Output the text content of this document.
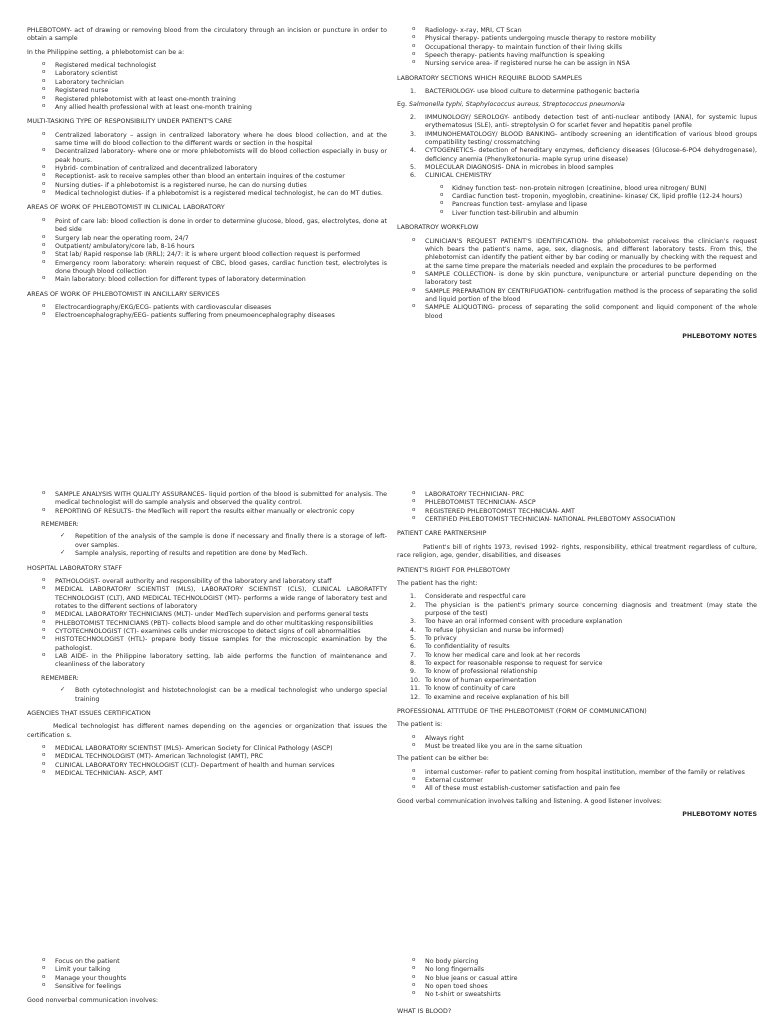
PHLEBOTOMY- act of drawing or removing blood from the circulatory through an incision or puncture in order to obtain a sample

In the Philippine setting, a phlebotomist can be a:

o Registered medical technologist
o Laboratory scientist
o Laboratory technician
o Registered nurse
o Registered phlebotomist with at least one-month training
o Any allied health professional with at least one-month training

MULTI-TASKING TYPE OF RESPONSIBILITY UNDER PATIENT'S CARE

o Centralized laboratory – assign in centralized laboratory where he does blood collection, and at the same time will do blood collection to the different wards or section in the hospital
o Decentralized laboratory- where one or more phlebotomists will do blood collection especially in busy or peak hours.
o Hybrid- combination of centralized and decentralized laboratory
o Receptionist- ask to receive samples other than blood an entertain inquires of the costumer
o Nursing duties- if a phlebotomist is a registered nurse, he can do nursing duties
o Medical technologist duties- if a phlebotomist is a registered medical technologist, he can do MT duties.

AREAS OF WORK OF PHLEBOTOMIST IN CLINICAL LABORATORY

o Point of care lab: blood collection is done in order to determine glucose, blood, gas, electrolytes, done at bed side
o Surgery lab near the operating room, 24/7
o Outpatient/ ambulatory/core lab, 8-16 hours
o Stat lab/ Rapid response lab (RRL); 24/7: it is where urgent blood collection request is performed
o Emergency room laboratory: wherein request of CBC, blood gases, cardiac function test, electrolytes is done though blood collection
o Main laboratory: blood collection for different types of laboratory determination

AREAS OF WORK OF PHLEBOTOMIST IN ANCILLARY SERVICES

o Electrocardiography/EKG/ECG- patients with cardiovascular diseases
o Electroencephalography/EEG- patients suffering from pneumoencephalography diseases
o Radiology- x-ray, MRI, CT Scan
o Physical therapy- patients undergoing muscle therapy to restore mobility
o Occupational therapy- to maintain function of their living skills
o Speech therapy- patients having malfunction is speaking
o Nursing service area- if registered nurse he can be assign in NSA

LABORATORY SECTIONS WHICH REQUIRE BLOOD SAMPLES

1. BACTERIOLOGY- use blood culture to determine pathogenic bacteria

Eg. Salmonella typhi, Staphylococcus aureus, Streptococcus pneumonia

2. IMMUNOLOGY/ SEROLOGY- antibody detection test of anti-nuclear antibody (ANA), for systemic lupus erythematosus (SLE), anti- streptolysin O for scarlet fever and hepatitis panel profile
3. IMMUNOHEMATOLOGY/ BLOOD BANKING- antibody screening an identification of various blood groups compatibility testing/ crossmatching
4. CYTOGENETICS- detection of hereditary enzymes, deficiency diseases (Glucose-6-PO4 dehydrogenase), deficiency anemia (Phenylketonuria- maple syrup urine disease)
5. MOLECULAR DIAGNOSIS- DNA in microbes in blood samples
6. CLINICAL CHEMISTRY
o Kidney function test- non-protein nitrogen (creatinine, blood urea nitrogen/ BUN)
o Cardiac function test- troponin, myoglobin, creatinine- kinase/ CK, lipid profile (12-24 hours)
o Pancreas function test- amylase and lipase
o Liver function test-bilirubin and albumin

LABORATROY WORKFLOW

o CLINICIAN'S REQUEST PATIENT'S IDENTIFICATION- the phlebotomist receives the clinician's request which bears the patient's name, age, sex, diagnosis, and different laboratory tests. From this, the phlebotomist can identify the patient either by bar coding or manually by checking with the request and at the same time prepare the materials needed and explain the procedures to be performed
o SAMPLE COLLECTION- is done by skin puncture, venipuncture or arterial puncture depending on the laboratory test
o SAMPLE PREPARATION BY CENTRIFUGATION- centrifugation method is the process of separating the solid and liquid portion of the blood
o SAMPLE ALIQUOTING- process of separating the solid component and liquid component of the whole blood
PHLEBOTOMY NOTES
o SAMPLE ANALYSIS WITH QUALITY ASSURANCES- liquid portion of the blood is submitted for analysis. The medical technologist will do sample analysis and observed the quality control.
o REPORTING OF RESULTS- the MedTech will report the results either manually or electronic copy

REMEMBER:

✓ Repetition of the analysis of the sample is done if necessary and finally there is a storage of left-over samples.
✓ Sample analysis, reporting of results and repetition are done by MedTech.

HOSPITAL LABORATORY STAFF

o PATHOLOGIST- overall authority and responsibility of the laboratory and laboratory staff
o MEDICAL LABORATORY SCIENTIST (MLS), LABORATORY SCIENTIST (CLS), CLINICAL LABORATFTY TECHNOLOGIST (CLT), AND MEDICAL TECHNOLOGIST (MT)- performs a wide range of laboratory test and rotates to the different sections of laboratory
o MEDICAL LABORATORY TECHNICIANS (MLT)- under MedTech supervision and performs general tests
o PHLEBOTOMIST TECHNICIANS (PBT)- collects blood sample and do other multitasking responsibilities
o CYTOTECHNOLOGIST (CT)- examines cells under microscope to detect signs of cell abnormalities
o HISTOTECHNOLOGIST (HTL)- prepare body tissue samples for the microscopic examination by the pathologist.
o LAB AIDE- in the Philippine laboratory setting, lab aide performs the function of maintenance and cleanliness of the laboratory

REMEMBER:

✓ Both cytotechnologist and histotechnologist can be a medical technologist who undergo special training

AGENCIES THAT ISSUES CERTIFICATION

Medical technologist has different names depending on the agencies or organization that issues the certification s.

o MEDICAL LABORATORY SCIENTIST (MLS)- American Society for Clinical Pathology (ASCP)
o MEDICAL TECHNOLOGIST (MT)- American Technologist (AMT), PRC
o CLINICAL LABORATORY TECHNOLOGIST (CLT)- Department of health and human services
o MEDICAL TECHNICIAN- ASCP, AMT
o LABORATORY TECHNICIAN- PRC
o PHLEBOTOMIST TECHNICIAN- ASCP
o REGISTERED PHLEBOTOMIST TECHNICIAN- AMT
o CERTIFIED PHLEBOTOMIST TECHNICIAN- NATIONAL PHLEBOTOMY ASSOCIATION

PATIENT CARE PARTNERSHIP

Patient's bill of rights 1973, revised 1992- rights, responsibility, ethical treatment regardless of culture, race religion, age, gender, disabilities, and diseases

PATIENT'S RIGHT FOR PHLEBOTOMY

The patient has the right:

1. Considerate and respectful care
2. The physician is the patient's primary source concerning diagnosis and treatment (may state the purpose of the test)
3. Too have an oral informed consent with procedure explanation
4. To refuse (physician and nurse be informed)
5. To privacy
6. To confidentiality of results
7. To know her medical care and look at her records
8. To expect for reasonable response to request for service
9. To know of professional relationship
10. To know of human experimentation
11. To know of continuity of care
12. To examine and receive explanation of his bill

PROFESSIONAL ATTITUDE OF THE PHLEBOTOMIST (FORM OF COMMUNICATION)

The patient is:

o Always right
o Must be treated like you are in the same situation

The patient can be either be:

o internal customer- refer to patient coming from hospital institution, member of the family or relatives
o External customer
o All of these must establish-customer satisfaction and pain fee

Good verbal communication involves talking and listening. A good listener involves:

PHLEBOTOMY NOTES
o Focus on the patient
o Limit your talking
o Manage your thoughts
o Sensitive for feelings

Good nonverbal communication involves:

o No body piercing
o No long fingernails
o No blue jeans or casual attire
o No open toed shoes
o No t-shirt or sweatshirts

WHAT IS BLOOD?
